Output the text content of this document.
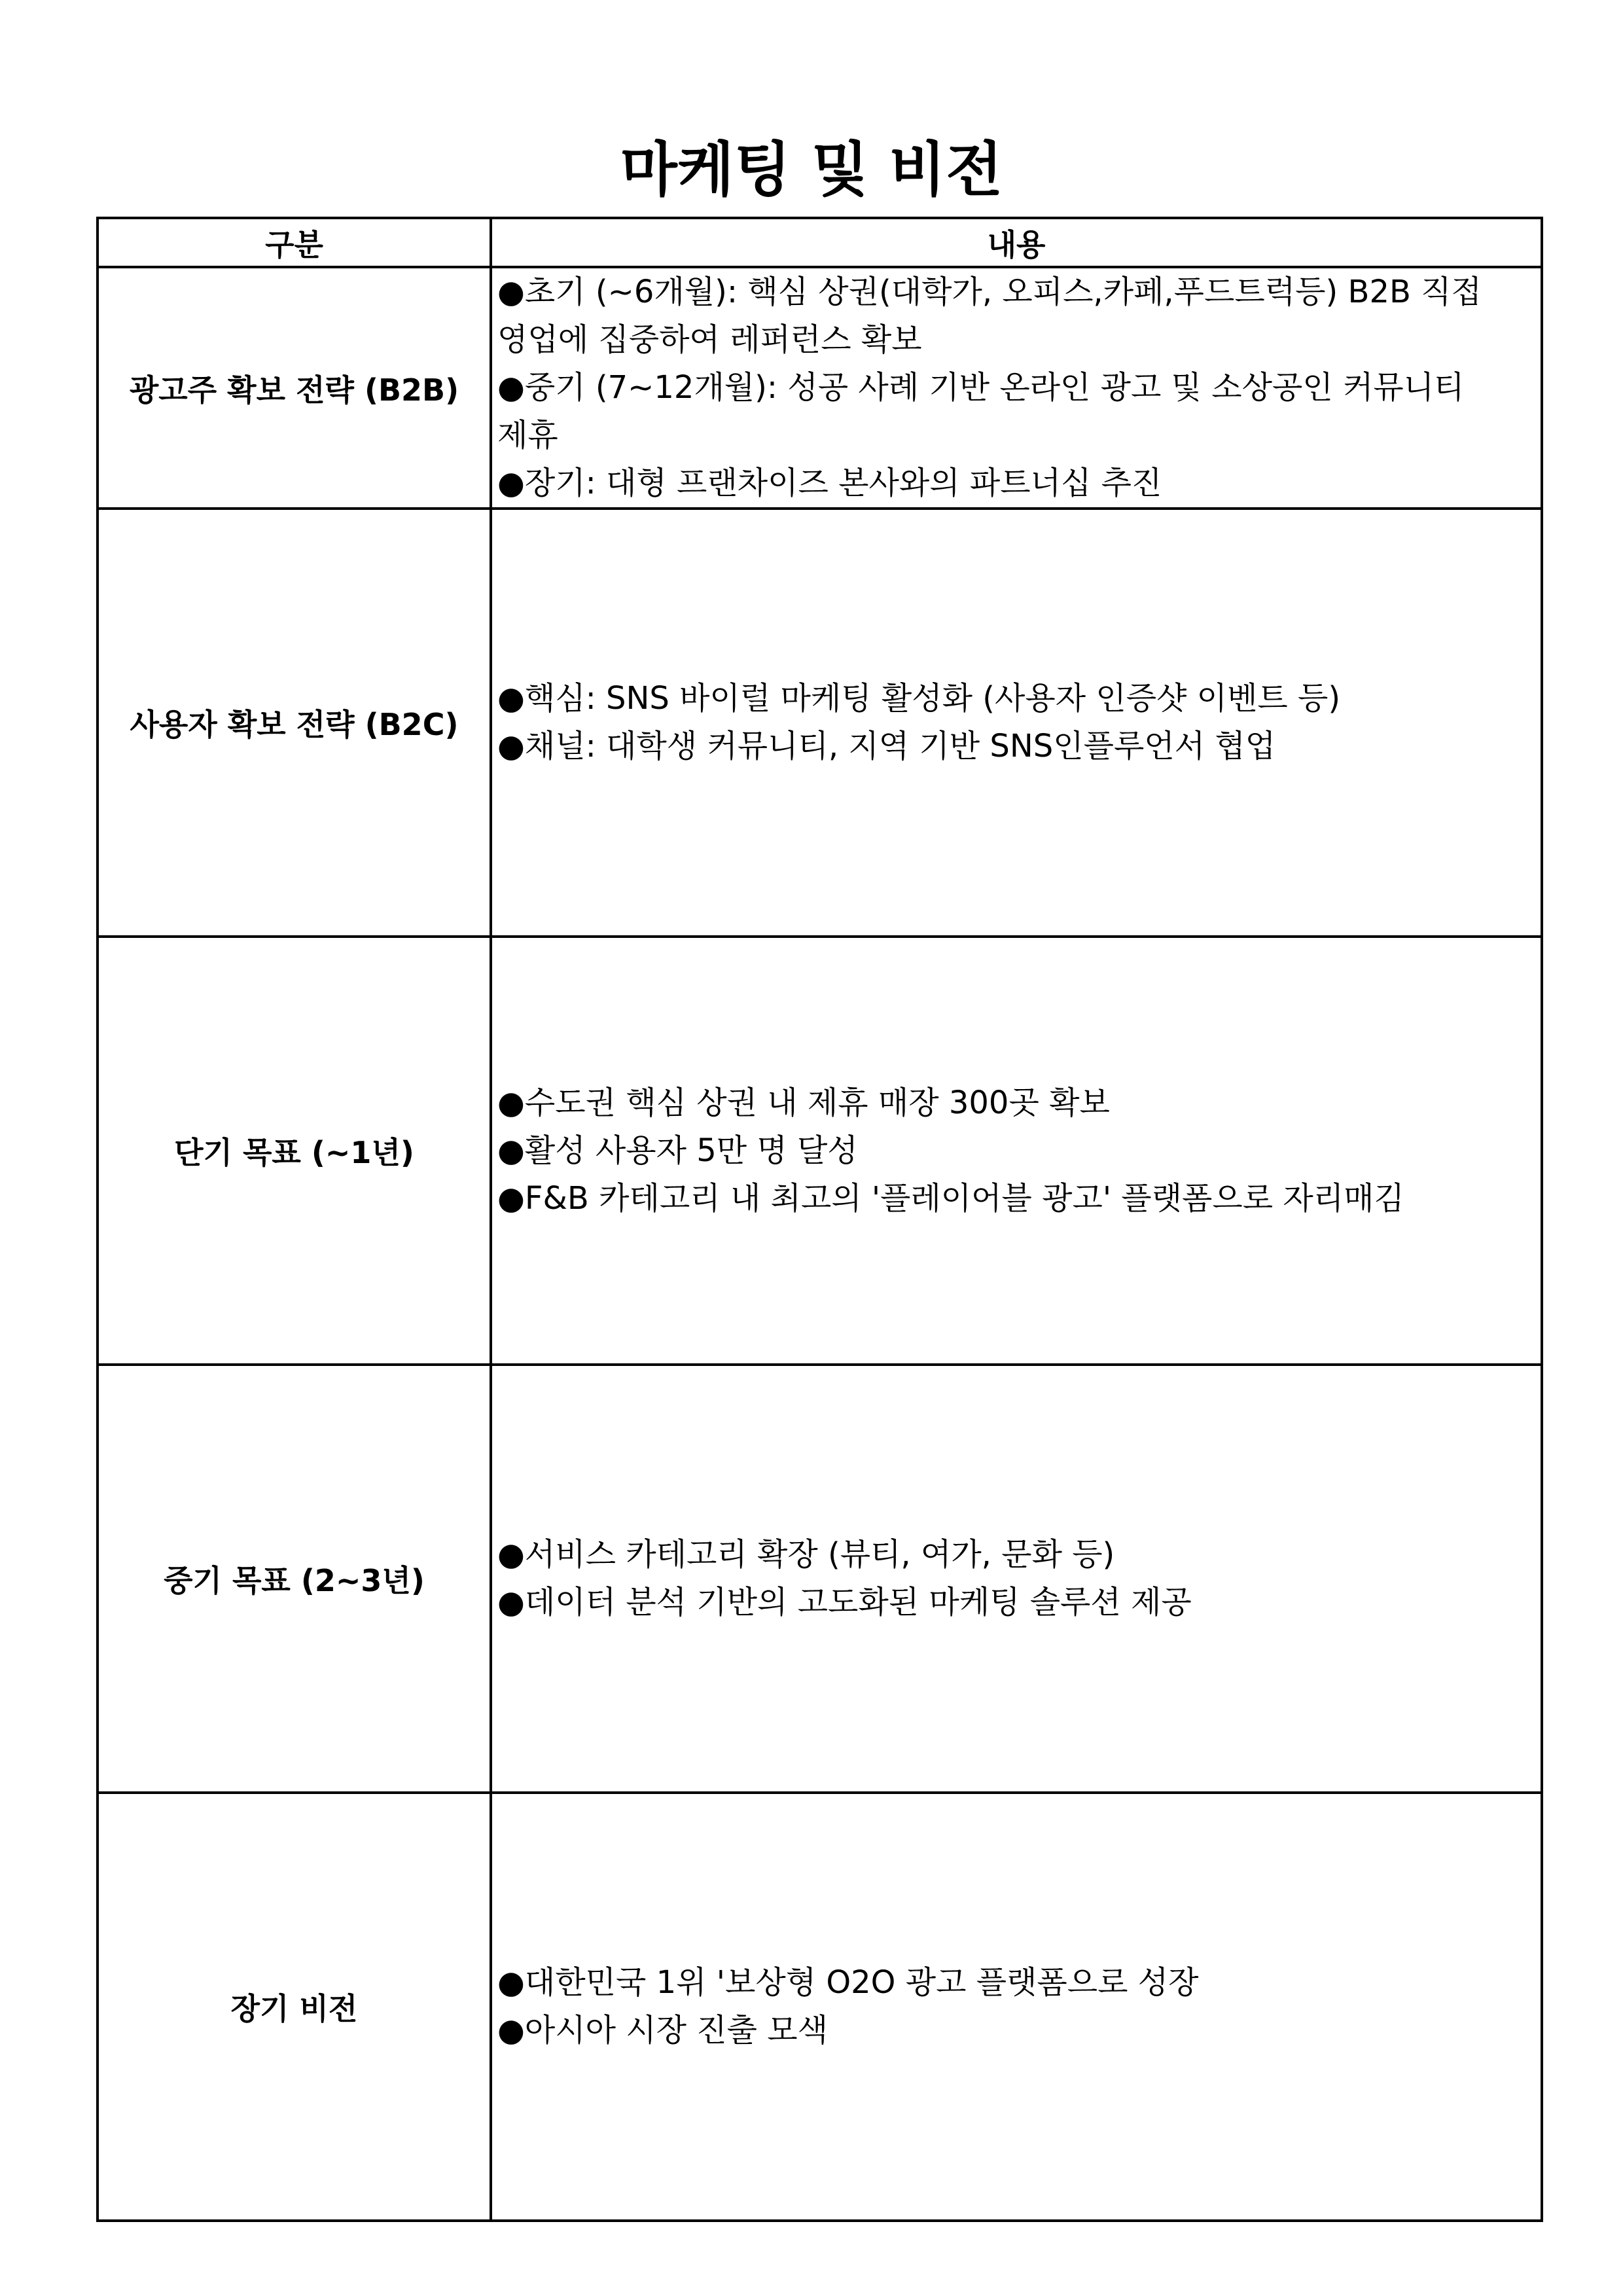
마케팅 및 비전
구분	내용
광고주 확보 전략 (B2B)	●초기 (~6개월): 핵심 상권(대학가, 오피스,카페,푸드트럭등) B2B 직접
영업에 집중하여 레퍼런스 확보
●중기 (7~12개월): 성공 사례 기반 온라인 광고 및 소상공인 커뮤니티
제휴
●장기: 대형 프랜차이즈 본사와의 파트너십 추진

사용자 확보 전략 (B2C)	●핵심: SNS 바이럴 마케팅 활성화 (사용자 인증샷 이벤트 등)
●채널: 대학생 커뮤니티, 지역 기반 SNS인플루언서 협업

단기 목표 (~1년)	●수도권 핵심 상권 내 제휴 매장 300곳 확보
●활성 사용자 5만 명 달성
●F&B 카테고리 내 최고의 '플레이어블 광고' 플랫폼으로 자리매김

중기 목표 (2~3년)	●서비스 카테고리 확장 (뷰티, 여가, 문화 등)
●데이터 분석 기반의 고도화된 마케팅 솔루션 제공

장기 비전	●대한민국 1위 '보상형 O2O 광고 플랫폼으로 성장
●아시아 시장 진출 모색
